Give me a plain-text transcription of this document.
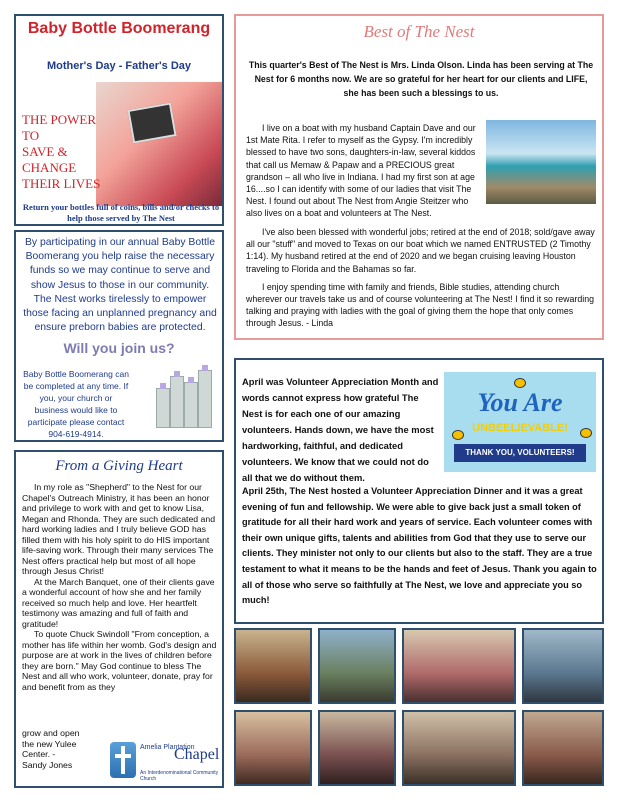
Baby Bottle Boomerang
Mother's Day - Father's Day
THE POWER TO
SAVE & CHANGE
THEIR LIVES
Return your bottles full of coins, bills and/or checks to help those served by The Nest
By participating in our annual Baby Bottle Boomerang you help raise the necessary funds so we may continue to serve and show Jesus to those in our community. The Nest works tirelessly to empower those facing an unplanned pregnancy and ensure preborn babies are protected.
Will you join us?
Baby Bottle Boomerang can be completed at any time. If you, your church or business would like to participate please contact 904-619-4914.
From a Giving Heart

In my role as "Shepherd" to the Nest for our Chapel's Outreach Ministry, it has been an honor and privilege to work with and get to know Lisa, Megan and Rhonda. They are such dedicated and hard working ladies and I truly believe GOD has filled them with his holy spirit to do HIS important life-saving work. Through their many services The Nest offers practical help but most of all hope through Jesus Christ!

At the March Banquet, one of their clients gave a wonderful account of how she and her family received so much help and love. Her heartfelt testimony was amazing and full of faith and gratitude!

To quote Chuck Swindoll "From conception, a mother has life within her womb. God's design and purpose are at work in the lives of children before they are born." May God continue to bless The Nest and all who work, volunteer, donate, pray for and benefit from as they

grow and open
the new Yulee
Center. -
Sandy Jones
Amelia Plantation
Chapel
An Interdenominational Community Church
Best of The Nest
This quarter's Best of The Nest is Mrs. Linda Olson. Linda has been serving at The Nest for 6 months now. We are so grateful for her heart for our clients and LIFE, she has been such a blessings to us.

I live on a boat with my husband Captain Dave and our 1st Mate Rita. I refer to myself as the Gypsy. I'm incredibly blessed to have two sons, daughters-in-law, several kiddos that call us Memaw & Papaw and a PRECIOUS great grandson – all who live in Indiana. I had my first son at age 16....so I can identify with some of our ladies that visit The Nest. I found out about The Nest from Angie Steitzer who also lives on a boat and volunteers at The Nest.

I've also been blessed with wonderful jobs; retired at the end of 2018; sold/gave away all our "stuff" and moved to Texas on our boat which we named ENTRUSTED (2 Timothy 1:14). My husband retired at the end of 2020 and we began cruising leaving Houston traveling to Florida and the Bahamas so far.

I enjoy spending time with family and friends, Bible studies, attending church wherever our travels take us and of course volunteering at The Nest! I find it so rewarding talking and praying with ladies with the goal of giving them the hope that only comes through Jesus. - Linda

April was Volunteer Appreciation Month and words cannot express how grateful The Nest is for each one of our amazing volunteers. Hands down, we have the most hardworking, faithful, and dedicated volunteers. We know that we could not do all that we do without them.
You Are
UNBEELIEVABLE!
THANK YOU, VOLUNTEERS!
April 25th, The Nest hosted a Volunteer Appreciation Dinner and it was a great evening of fun and fellowship. We were able to give back just a small token of gratitude for all their hard work and years of service. Each volunteer comes with their own unique gifts, talents and abilities from God that they use to serve our clients. They minister not only to our clients but also to the staff. They are a true testament to what it means to be the hands and feet of Jesus. Thank you again to all of those who serve so faithfully at The Nest, we love and appreciate you so much!
